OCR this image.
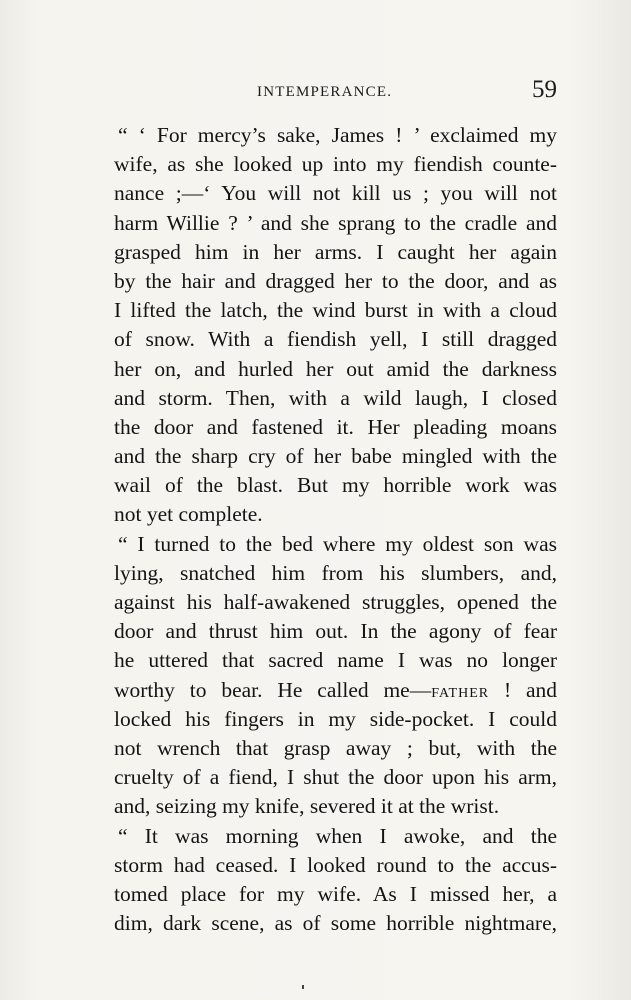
INTEMPERANCE.	59
“ ‘ For mercy’s sake, James ! ’ exclaimed my
wife, as she looked up into my fiendish counte-
nance ;—‘ You will not kill us ; you will not
harm Willie ? ’ and she sprang to the cradle and
grasped him in her arms. I caught her again
by the hair and dragged her to the door, and as
I lifted the latch, the wind burst in with a cloud
of snow. With a fiendish yell, I still dragged
her on, and hurled her out amid the darkness
and storm. Then, with a wild laugh, I closed
the door and fastened it. Her pleading moans
and the sharp cry of her babe mingled with the
wail of the blast. But my horrible work was
not yet complete.
“ I turned to the bed where my oldest son was
lying, snatched him from his slumbers, and,
against his half-awakened struggles, opened the
door and thrust him out. In the agony of fear
he uttered that sacred name I was no longer
worthy to bear. He called me—FATHER ! and
locked his fingers in my side-pocket. I could
not wrench that grasp away ; but, with the
cruelty of a fiend, I shut the door upon his arm,
and, seizing my knife, severed it at the wrist.
“ It was morning when I awoke, and the
storm had ceased. I looked round to the accus-
tomed place for my wife. As I missed her, a
dim, dark scene, as of some horrible nightmare,
